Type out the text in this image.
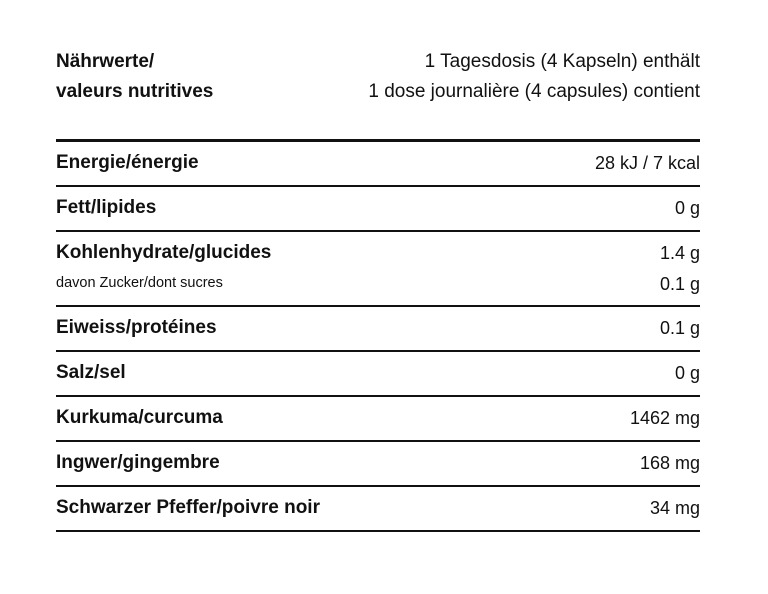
Nährwerte/
valeurs nutritives
1 Tagesdosis (4 Kapseln) enthält
1 dose journalière (4 capsules) contient
Energie/énergie	28 kJ / 7 kcal
Fett/lipides	0 g
Kohlenhydrate/glucides	1.4 g
davon Zucker/dont sucres	0.1 g
Eiweiss/protéines	0.1 g
Salz/sel	0 g
Kurkuma/curcuma	1462 mg
Ingwer/gingembre	168 mg
Schwarzer Pfeffer/poivre noir	34 mg
